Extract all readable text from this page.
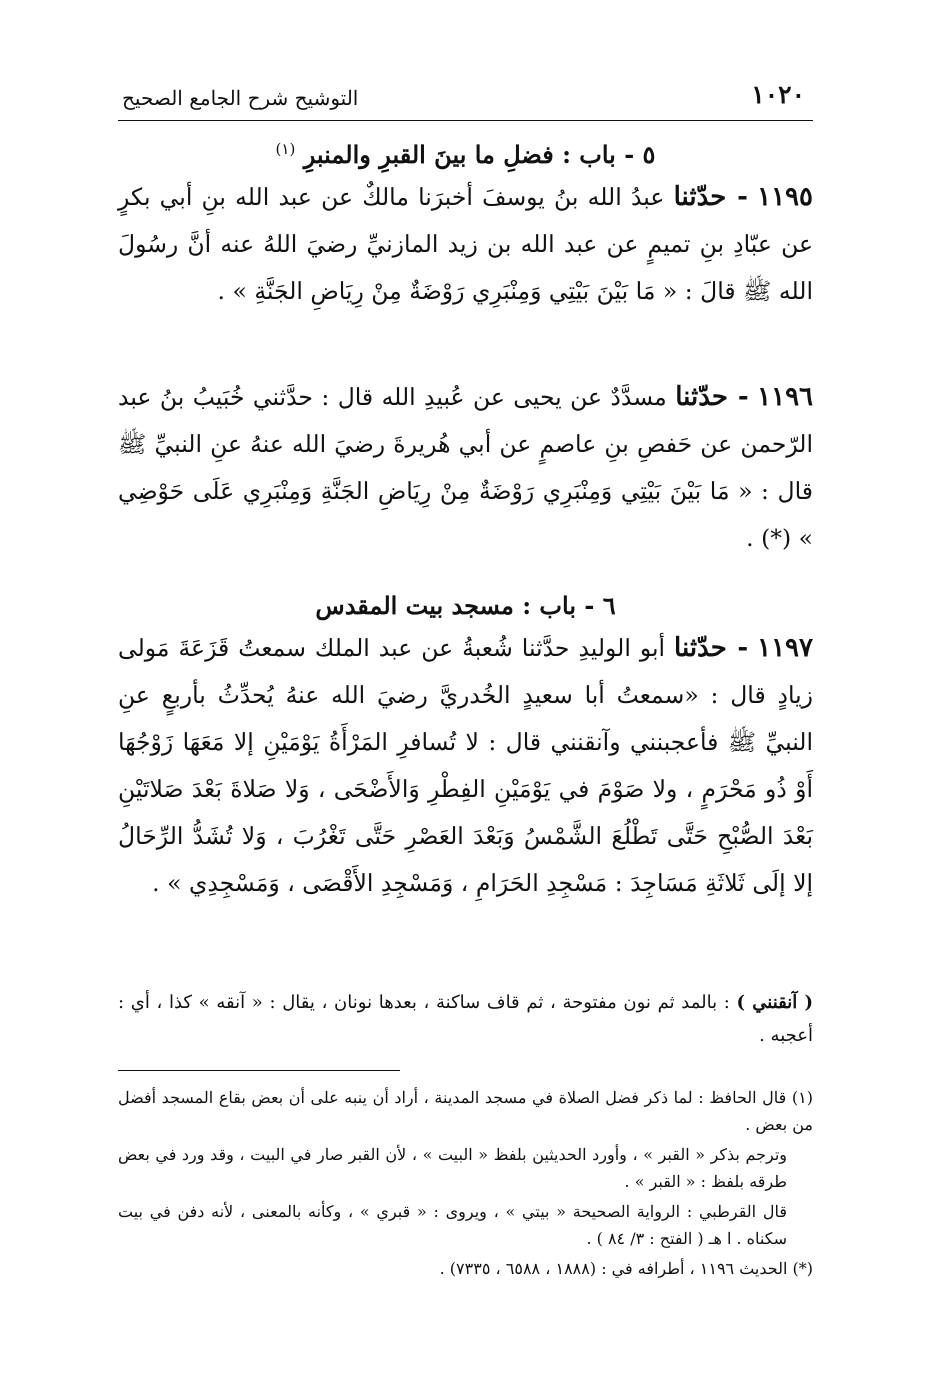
١٠٢٠
التوشيح شرح الجامع الصحيح
٥ - باب : فضلِ ما بينَ القبرِ والمنبرِ $^{(١)}$

١١٩٥ - حدّثنا عبدُ الله بنُ يوسفَ أخبرَنا مالكٌ عن عبد الله بنِ أبي بكرٍ عن عبّادِ بنِ تميمٍ عن عبد الله بن زيد المازنيِّ رضيَ اللهُ عنه أنَّ رسُولَ الله ﷺ قالَ : « مَا بَيْنَ بَيْتِي وَمِنْبَرِي رَوْضَةٌ مِنْ رِيَاضِ الجَنَّةِ » .

١١٩٦ - حدّثنا مسدَّدٌ عن يحيى عن عُبيدِ الله قال : حدَّثني خُبَيبُ بنُ عبد الرّحمن عن حَفصِ بنِ عاصمٍ عن أبي هُريرةَ رضيَ الله عنهُ عنِ النبيِّ ﷺ قال : « مَا بَيْنَ بَيْتِي وَمِنْبَرِي رَوْضَةٌ مِنْ رِيَاضِ الجَنَّةِ وَمِنْبَرِي عَلَى حَوْضِي » (*) .

٦ - باب : مسجد بيت المقدس

١١٩٧ - حدّثنا أبو الوليدِ حدَّثنا شُعبةُ عن عبد الملك سمعتُ قَزَعَةَ مَولى زيادٍ قال : «سمعتُ أبا سعيدٍ الخُدريَّ رضيَ الله عنهُ يُحدِّثُ بأربعٍ عنِ النبيِّ ﷺ فأعجبنني وآنقنني قال : لا تُسافرِ المَرْأَةُ يَوْمَيْنِ إلا مَعَهَا زَوْجُهَا أَوْ ذُو مَحْرَمٍ ، ولا صَوْمَ في يَوْمَيْنِ الفِطْرِ وَالأَضْحَى ، وَلا صَلاةَ بَعْدَ صَلاتَيْنِ بَعْدَ الصُّبْحِ حَتَّى تَطْلُعَ الشَّمْسُ وَبَعْدَ العَصْرِ حَتَّى تَغْرُبَ ، وَلا تُشَدُّ الرِّحَالُ إلا إلَى ثَلاثَةِ مَسَاجِدَ : مَسْجِدِ الحَرَامِ ، وَمَسْجِدِ الأَقْصَى ، وَمَسْجِدِي » .

( آنقنني ) : بالمد ثم نون مفتوحة ، ثم قاف ساكنة ، بعدها نونان ، يقال : « آنقه » كذا ، أي : أعجبه .

(١) قال الحافظ : لما ذكر فضل الصلاة في مسجد المدينة ، أراد أن ينبه على أن بعض بقاع المسجد أفضل من بعض .

وترجم بذكر « القبر » ، وأورد الحديثين بلفظ « البيت » ، لأن القبر صار في البيت ، وقد ورد في بعض طرقه بلفظ : « القبر » .

قال القرطبي : الرواية الصحيحة « بيتي » ، ويروى : « قبري » ، وكأنه بالمعنى ، لأنه دفن في بيت سكناه . ا هـ ( الفتح : ٣/ ٨٤ ) .

(*) الحديث ١١٩٦ ، أطرافه في : (١٨٨٨ ، ٦٥٨٨ ، ٧٣٣٥) .
